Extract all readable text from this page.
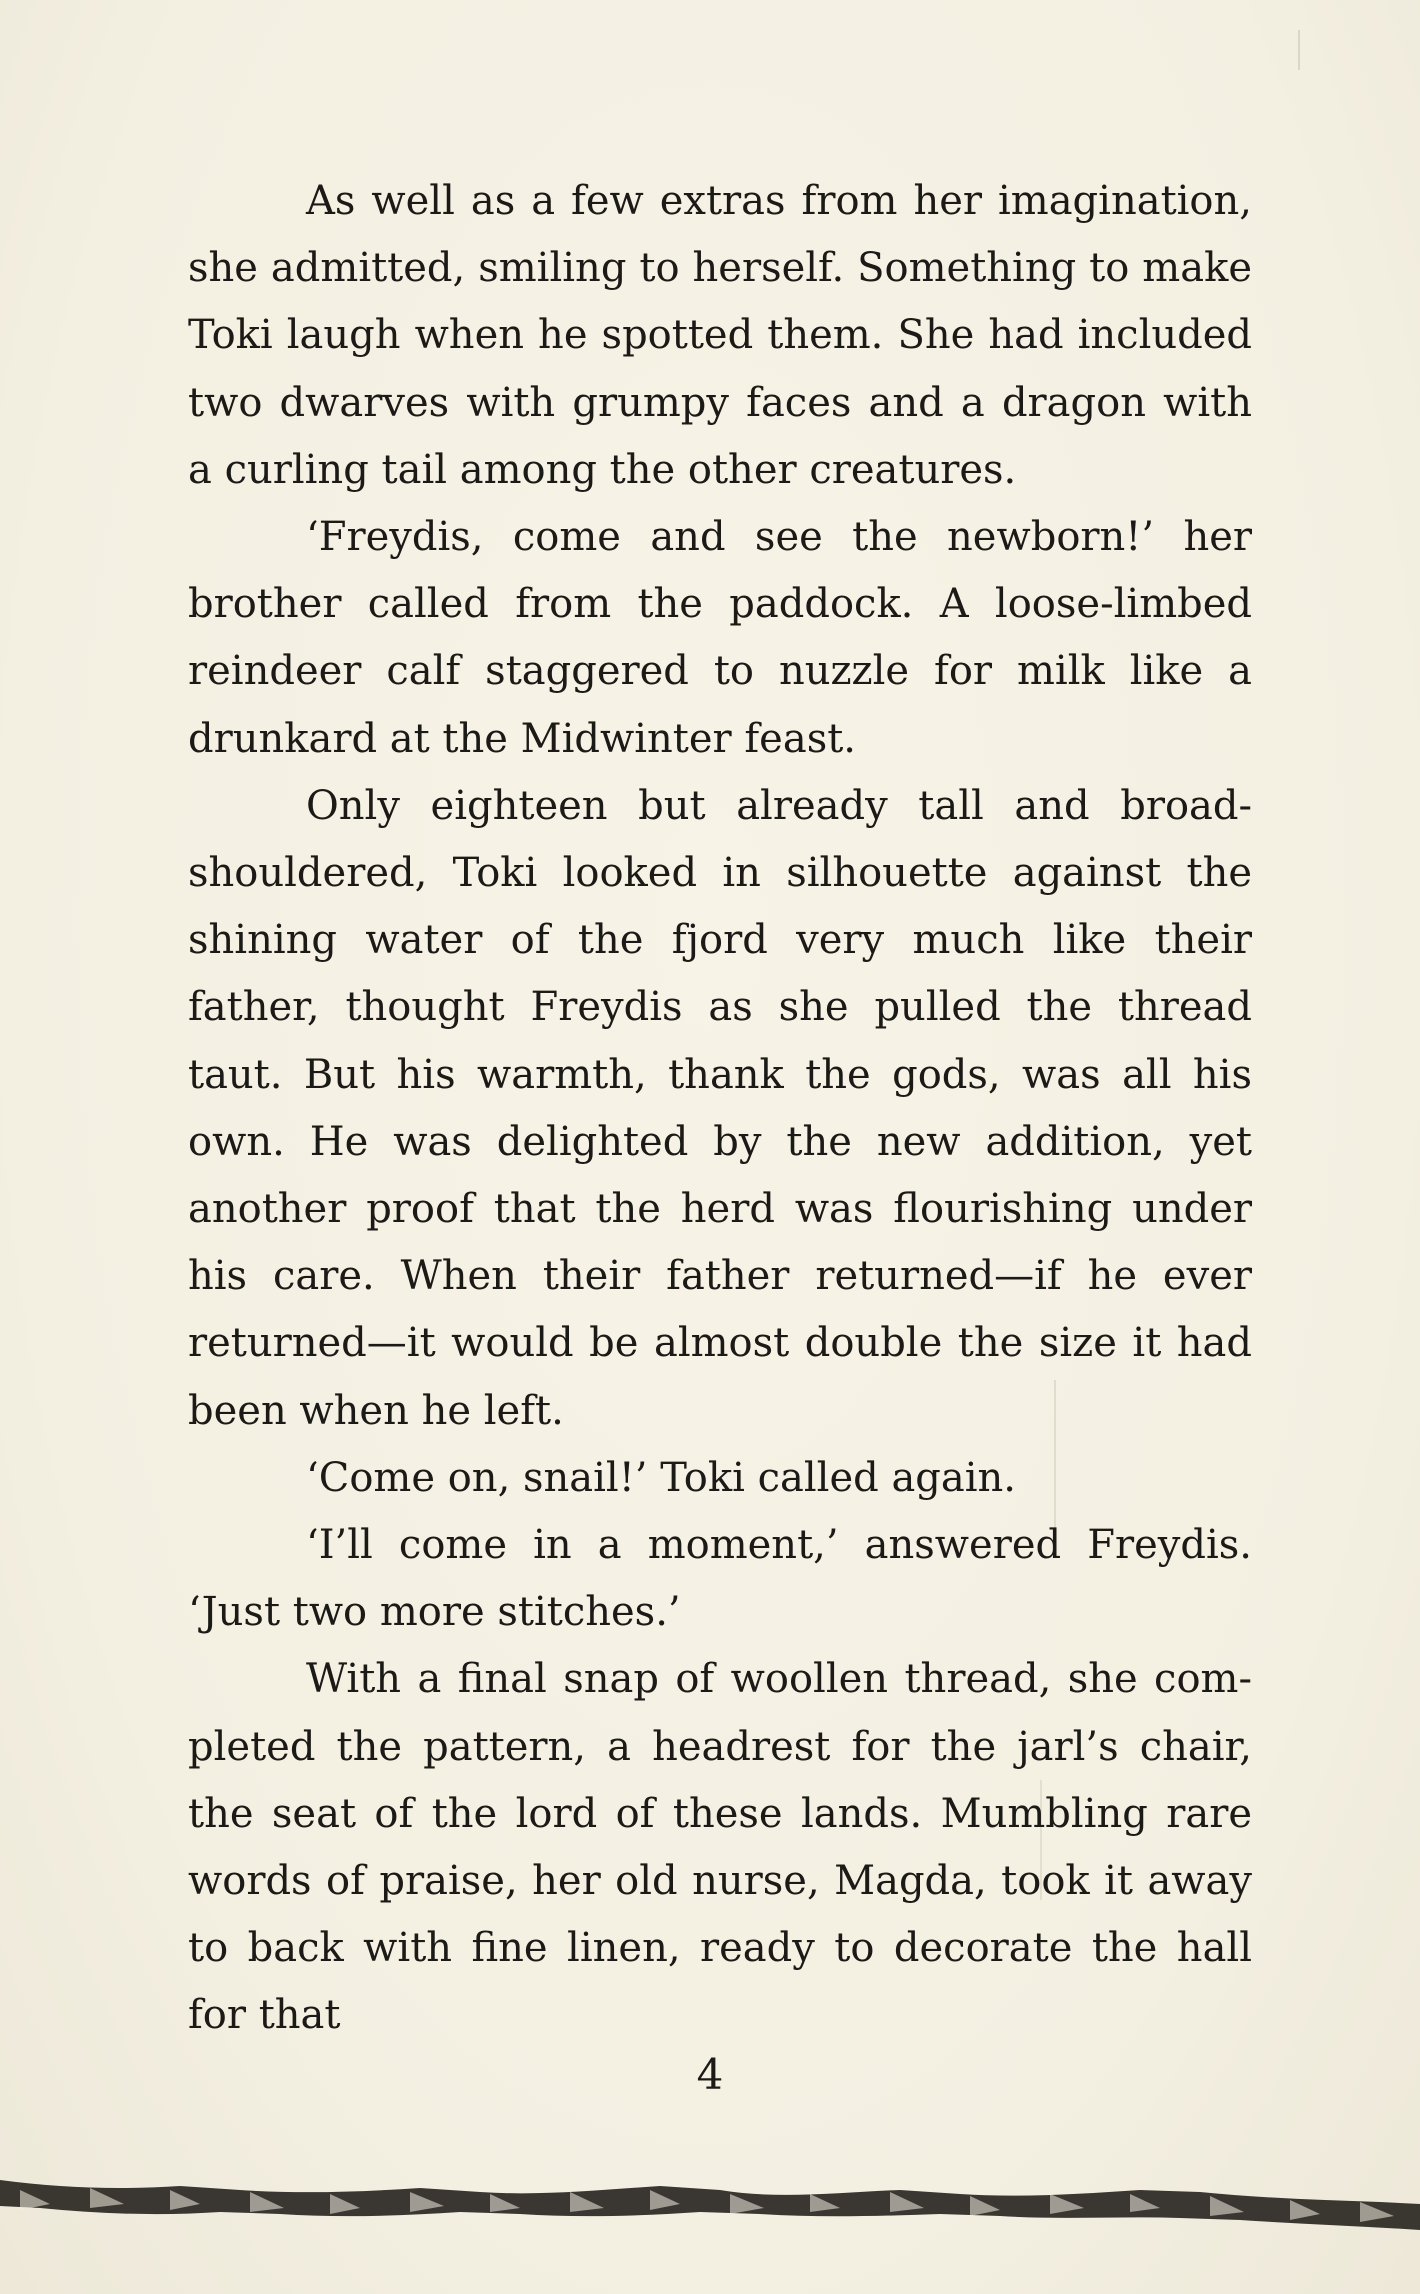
As well as a few extras from her imagination, she admitted, smiling to herself. Something to make Toki laugh when he spotted them. She had included two dwarves with grumpy faces and a dragon with a curling tail among the other creatures.

‘Freydis, come and see the newborn!’ her brother called from the paddock. A loose-limbed reindeer calf staggered to nuzzle for milk like a drunkard at the Midwinter feast.

Only eighteen but already tall and broad-shouldered, Toki looked in silhouette against the shining water of the fjord very much like their father, thought Freydis as she pulled the thread taut. But his warmth, thank the gods, was all his own. He was delighted by the new addition, yet another proof that the herd was flourishing under his care. When their father returned—if he ever returned—it would be almost double the size it had been when he left.

‘Come on, snail!’ Toki called again.

‘I’ll come in a moment,’ answered Freydis. ‘Just two more stitches.’

With a final snap of woollen thread, she completed the pattern, a headrest for the jarl’s chair, the seat of the lord of these lands. Mumbling rare words of praise, her old nurse, Magda, took it away to back with fine linen, ready to decorate the hall for that

4
